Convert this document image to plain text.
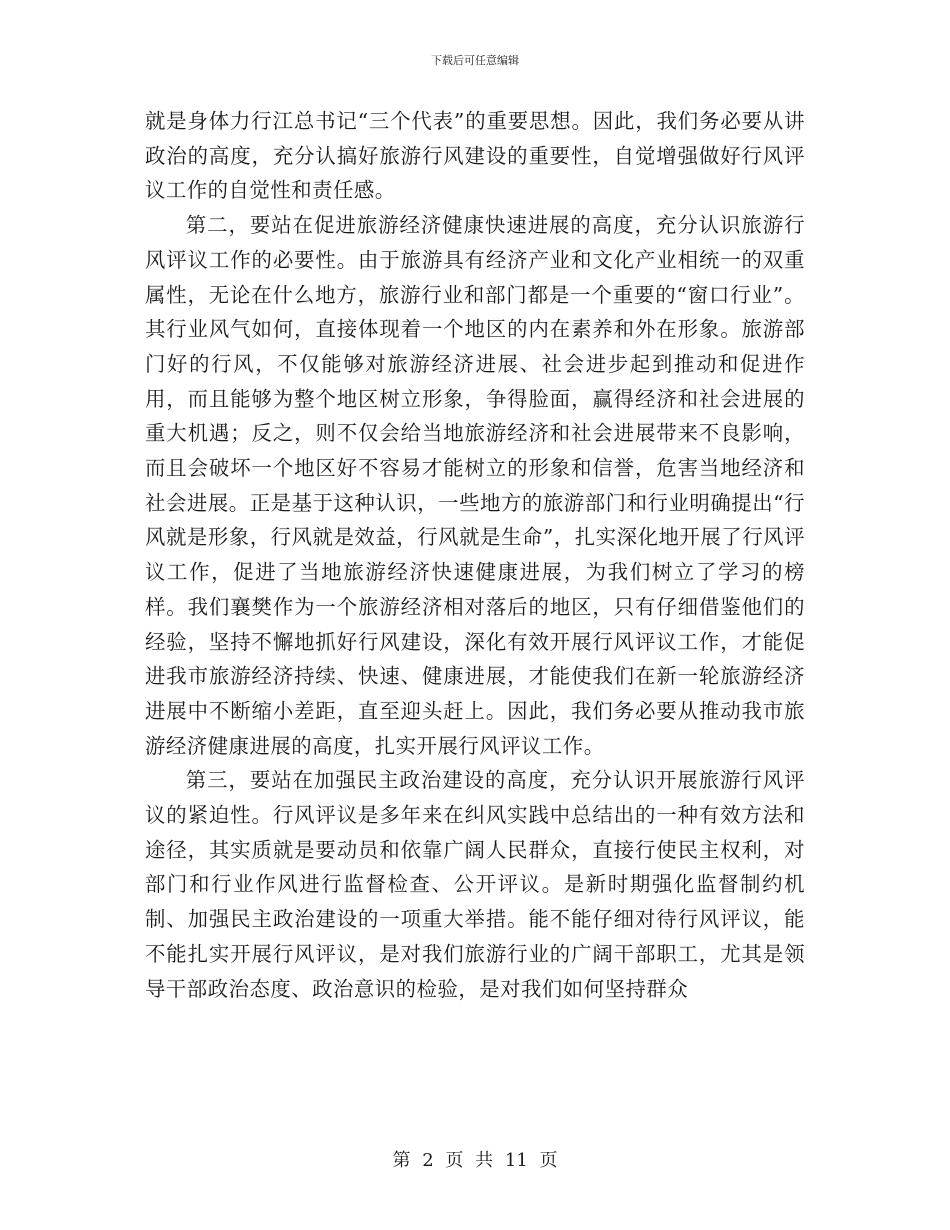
下载后可任意编辑

就是身体力行江总书记“三个代表”的重要思想。因此，我们务必要从讲政治的高度，充分认搞好旅游行风建设的重要性，自觉增强做好行风评议工作的自觉性和责任感。

第二，要站在促进旅游经济健康快速进展的高度，充分认识旅游行风评议工作的必要性。由于旅游具有经济产业和文化产业相统一的双重属性，无论在什么地方，旅游行业和部门都是一个重要的“窗口行业”。其行业风气如何，直接体现着一个地区的内在素养和外在形象。旅游部门好的行风，不仅能够对旅游经济进展、社会进步起到推动和促进作用，而且能够为整个地区树立形象，争得脸面，赢得经济和社会进展的重大机遇；反之，则不仅会给当地旅游经济和社会进展带来不良影响，而且会破坏一个地区好不容易才能树立的形象和信誉，危害当地经济和社会进展。正是基于这种认识，一些地方的旅游部门和行业明确提出“行风就是形象，行风就是效益，行风就是生命”，扎实深化地开展了行风评议工作，促进了当地旅游经济快速健康进展，为我们树立了学习的榜样。我们襄樊作为一个旅游经济相对落后的地区，只有仔细借鉴他们的经验，坚持不懈地抓好行风建设，深化有效开展行风评议工作，才能促进我市旅游经济持续、快速、健康进展，才能使我们在新一轮旅游经济进展中不断缩小差距，直至迎头赶上。因此，我们务必要从推动我市旅游经济健康进展的高度，扎实开展行风评议工作。

第三，要站在加强民主政治建设的高度，充分认识开展旅游行风评议的紧迫性。行风评议是多年来在纠风实践中总结出的一种有效方法和途径，其实质就是要动员和依靠广阔人民群众，直接行使民主权利，对部门和行业作风进行监督检查、公开评议。是新时期强化监督制约机制、加强民主政治建设的一项重大举措。能不能仔细对待行风评议，能不能扎实开展行风评议，是对我们旅游行业的广阔干部职工，尤其是领导干部政治态度、政治意识的检验，是对我们如何坚持群众

第 2 页 共 11 页
